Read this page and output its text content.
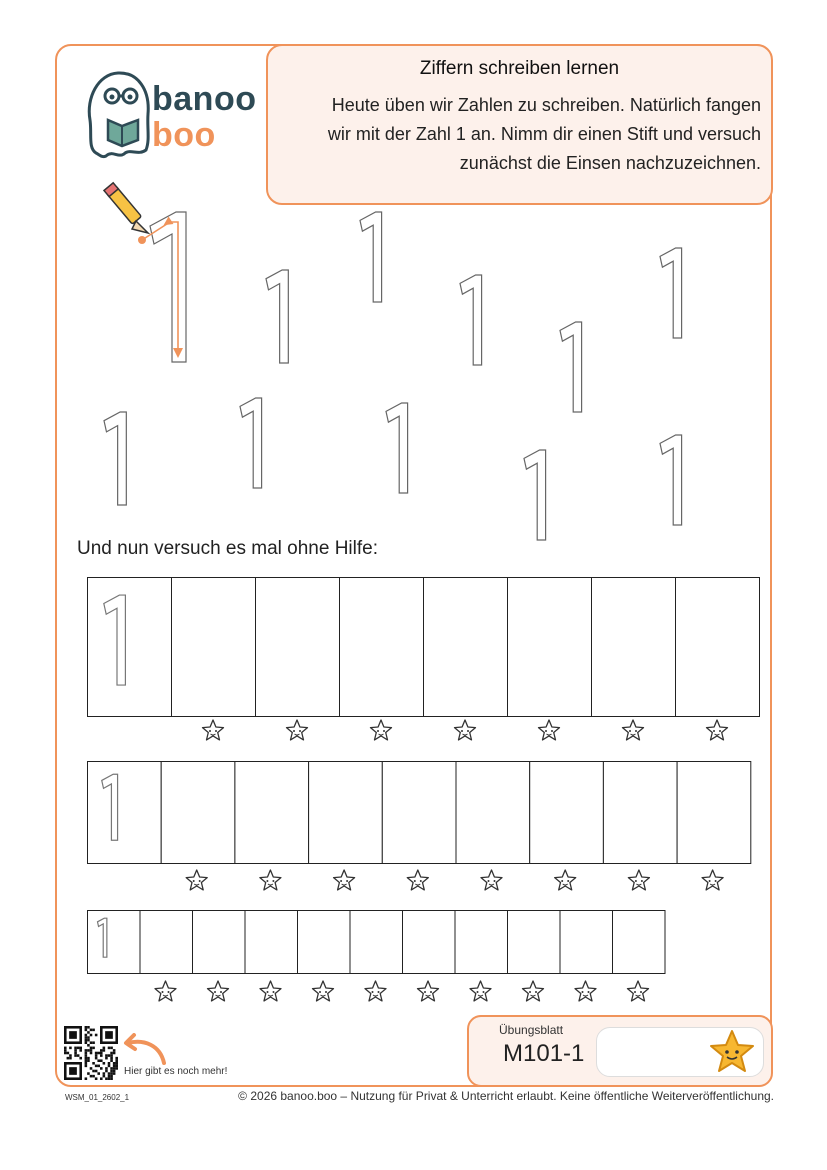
banoo
boo
Ziffern schreiben lernen
Heute üben wir Zahlen zu schreiben. Natürlich fangen
wir mit der Zahl 1 an. Nimm dir einen Stift und versuch
zunächst die Einsen nachzuzeichnen.
Und nun versuch es mal ohne Hilfe:
Hier gibt es noch mehr!
Übungsblatt
M101-1
WSM_01_2602_1	© 2026 banoo.boo – Nutzung für Privat & Unterricht erlaubt. Keine öffentliche Weiterveröffentlichung.
